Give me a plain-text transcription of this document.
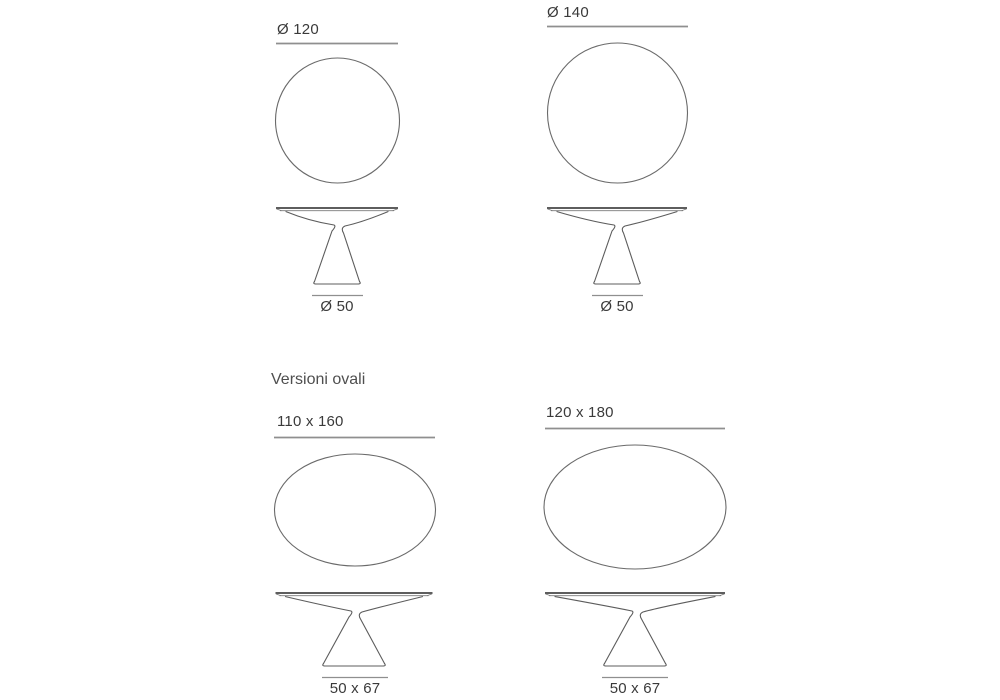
Versioni ovali
Ø 120
Ø 50
Ø 140
Ø 50
110 x 160
50 x 67
120 x 180
50 x 67
